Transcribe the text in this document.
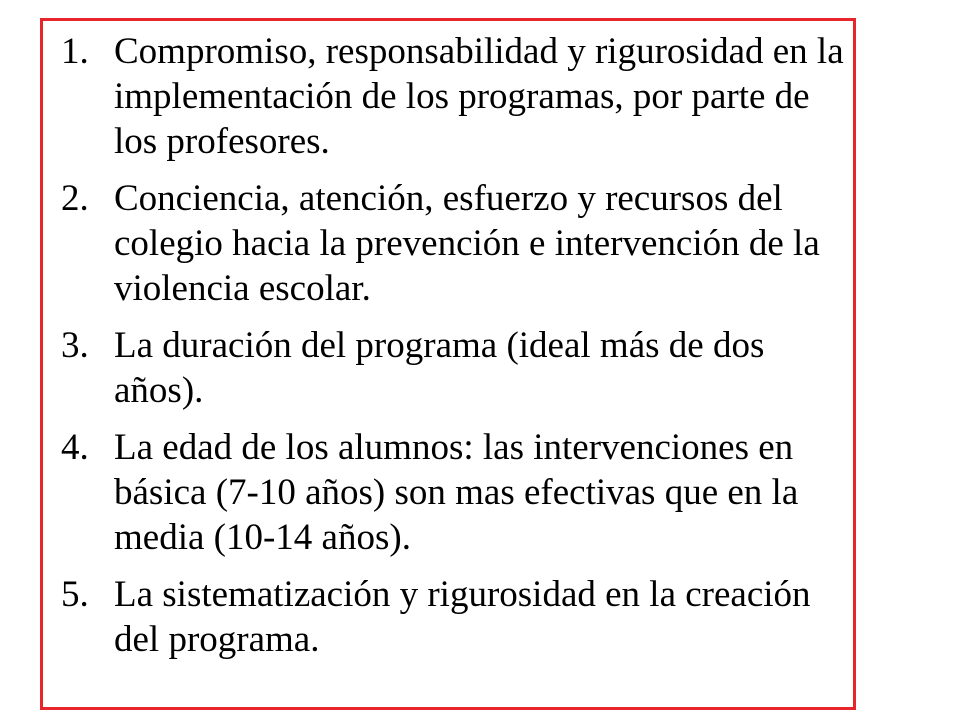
1. Compromiso, responsabilidad y rigurosidad en la implementación de los programas, por parte de los profesores.
2. Conciencia, atención, esfuerzo y recursos del colegio hacia la prevención e intervención de la violencia escolar.
3. La duración del programa (ideal más de dos años).
4. La edad de los alumnos: las intervenciones en básica (7-10 años) son mas efectivas que en la media (10-14 años).
5. La sistematización y rigurosidad en la creación del programa.
